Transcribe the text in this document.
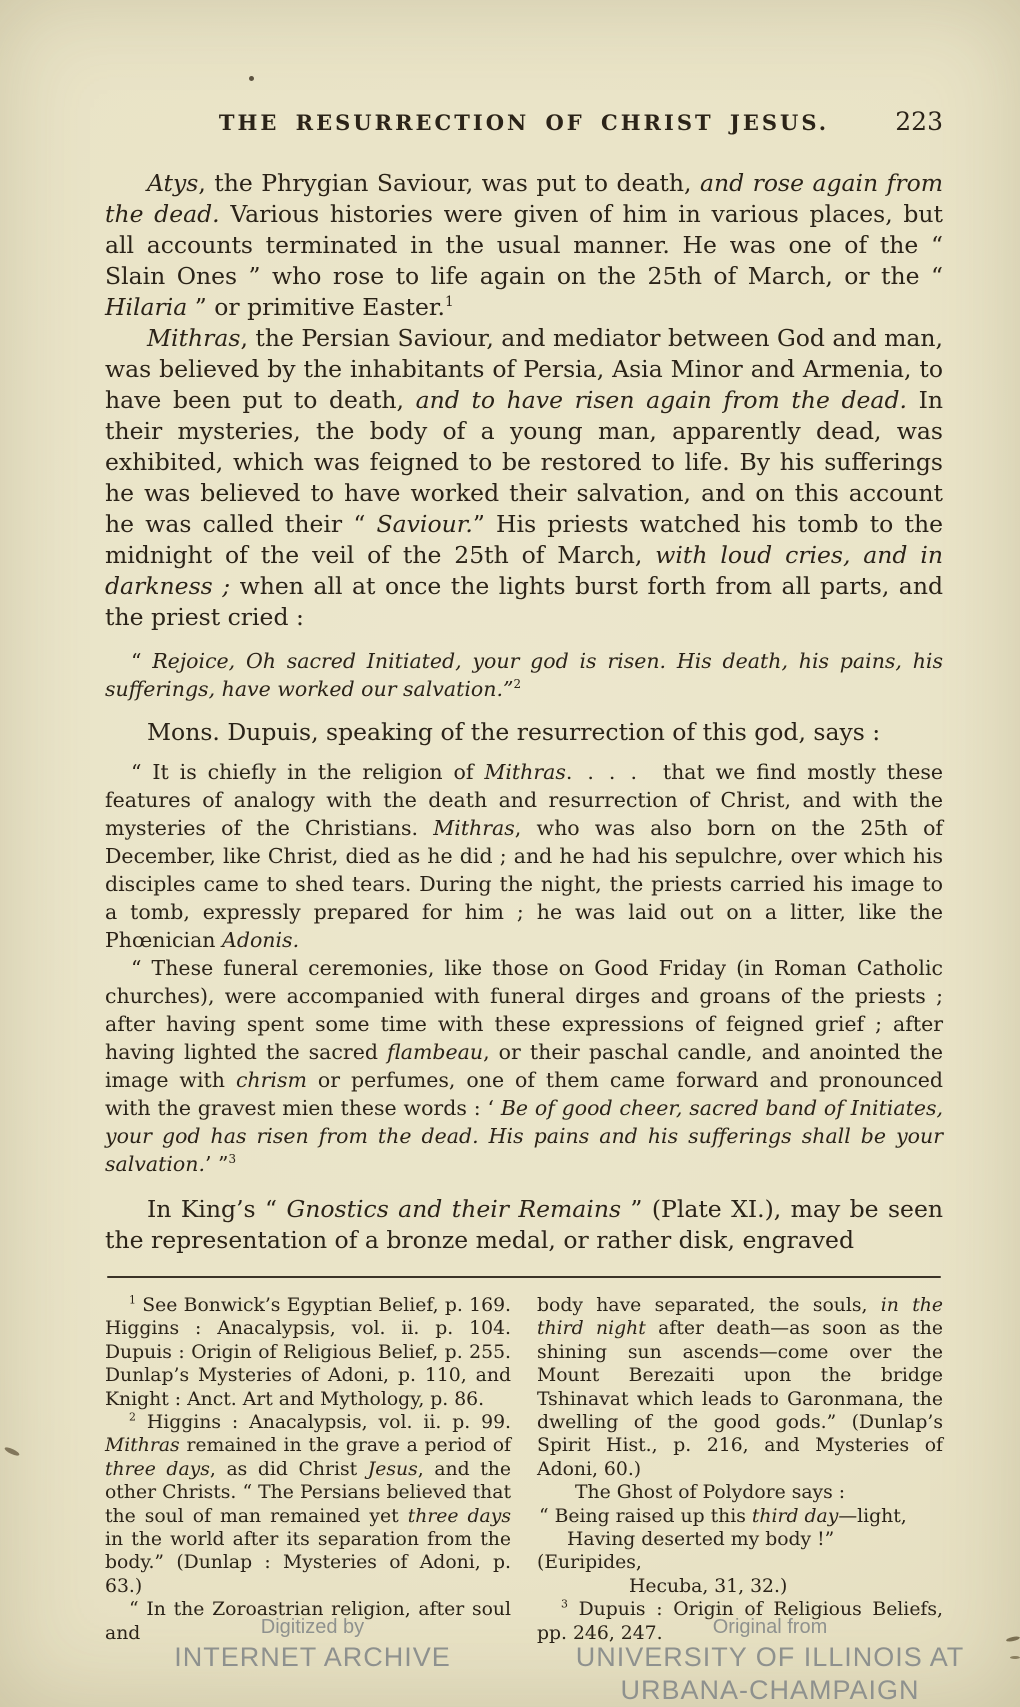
THE RESURRECTION OF CHRIST JESUS.	223

Atys, the Phrygian Saviour, was put to death, and rose again from the dead. Various histories were given of him in various places, but all accounts terminated in the usual manner. He was one of the “ Slain Ones ” who rose to life again on the 25th of March, or the “ Hilaria ” or primitive Easter.$^1$

Mithras, the Persian Saviour, and mediator between God and man, was believed by the inhabitants of Persia, Asia Minor and Armenia, to have been put to death, and to have risen again from the dead. In their mysteries, the body of a young man, apparently dead, was exhibited, which was feigned to be restored to life. By his sufferings he was believed to have worked their salvation, and on this account he was called their “ Saviour.” His priests watched his tomb to the midnight of the veil of the 25th of March, with loud cries, and in darkness ; when all at once the lights burst forth from all parts, and the priest cried :

“ Rejoice, Oh sacred Initiated, your god is risen. His death, his pains, his sufferings, have worked our salvation.”$^2$

Mons. Dupuis, speaking of the resurrection of this god, says :

“ It is chiefly in the religion of Mithras.  .  .  .   that we find mostly these features of analogy with the death and resurrection of Christ, and with the mysteries of the Christians. Mithras, who was also born on the 25th of December, like Christ, died as he did ; and he had his sepulchre, over which his disciples came to shed tears. During the night, the priests carried his image to a tomb, expressly prepared for him ; he was laid out on a litter, like the Phœnician Adonis.

“ These funeral ceremonies, like those on Good Friday (in Roman Catholic churches), were accompanied with funeral dirges and groans of the priests ; after having spent some time with these expressions of feigned grief ; after having lighted the sacred flambeau, or their paschal candle, and anointed the image with chrism or perfumes, one of them came forward and pronounced with the gravest mien these words : ‘ Be of good cheer, sacred band of Initiates, your god has risen from the dead. His pains and his sufferings shall be your salvation.’ ”$^3$

In King’s “ Gnostics and their Remains ” (Plate XI.), may be seen the representation of a bronze medal, or rather disk, engraved

$^1$ See Bonwick’s Egyptian Belief, p. 169. Higgins : Anacalypsis, vol. ii. p. 104. Dupuis : Origin of Religious Belief, p. 255. Dunlap’s Mysteries of Adoni, p. 110, and Knight : Anct. Art and Mythology, p. 86.

$^2$ Higgins : Anacalypsis, vol. ii. p. 99. Mithras remained in the grave a period of three days, as did Christ Jesus, and the other Christs. “ The Persians believed that the soul of man remained yet three days in the world after its separation from the body.” (Dunlap : Mysteries of Adoni, p. 63.)

“ In the Zoroastrian religion, after soul and

body have separated, the souls, in the third night after death—as soon as the shining sun ascends—come over the Mount Berezaiti upon the bridge Tshinavat which leads to Garonmana, the dwelling of the good gods.” (Dunlap’s Spirit Hist., p. 216, and Mysteries of Adoni, 60.)

The Ghost of Polydore says :

“ Being raised up this third day—light,

Having deserted my body !” (Euripides,

Hecuba, 31, 32.)

$^3$ Dupuis : Origin of Religious Beliefs, pp. 246, 247.

Digitized by
INTERNET ARCHIVE
Original from
UNIVERSITY OF ILLINOIS AT
URBANA-CHAMPAIGN
